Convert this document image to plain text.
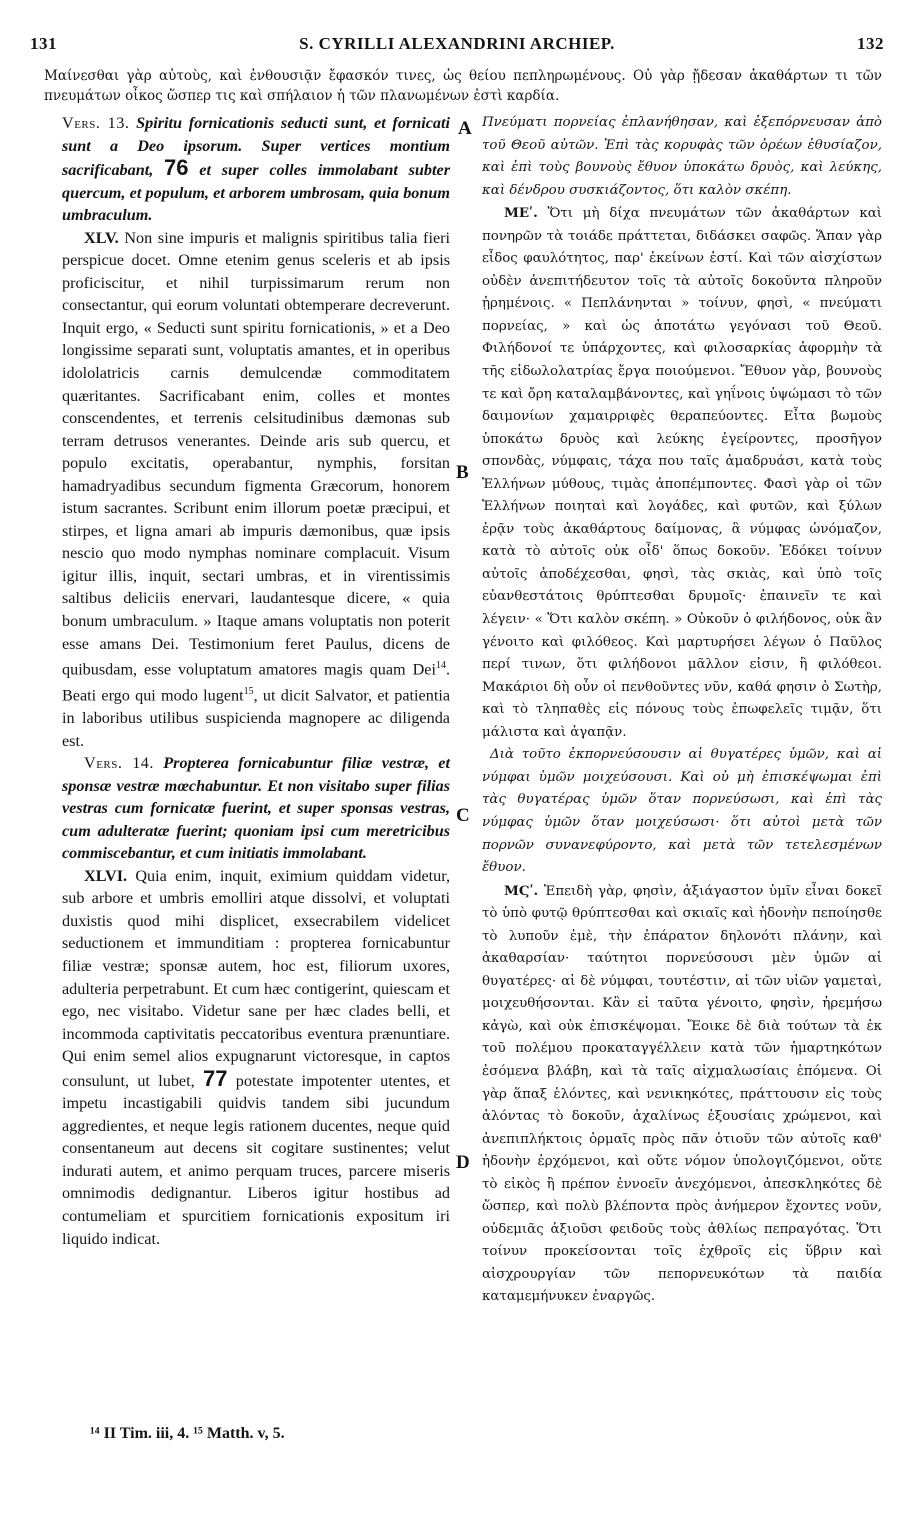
131	S. CYRILLI ALEXANDRINI ARCHIEP.	132
Μαίνεσθαι γὰρ αὐτοὺς, καὶ ἐνθουσιᾷν ἔφασκόν τινες, ὡς θείου πεπληρωμένους. Οὐ γὰρ ᾔδεσαν ἀκαθάρτων τι τῶν πνευμάτων οἶκος ὥσπερ τις καὶ σπήλαιον ἡ τῶν πλανωμένων ἐστὶ καρδία.

Vers. 13. Spiritu fornicationis seducti sunt, et fornicati sunt a Deo ipsorum. Super vertices montium sacrificabant, 76 et super colles immolabant subter quercum, et populum, et arborem umbrosam, quia bonum umbraculum.

XLV. Non sine impuris et malignis spiritibus talia fieri perspicue docet. Omne etenim genus sceleris et ab ipsis proficiscitur, et nihil turpissimarum rerum non consectantur, qui eorum voluntati obtemperare decreverunt. Inquit ergo, « Seducti sunt spiritu fornicationis, » et a Deo longissime separati sunt, voluptatis amantes, et in operibus idololatricis carnis demulcendæ commoditatem quæritantes. Sacrificabant enim, colles et montes conscendentes, et terrenis celsitudinibus dæmonas sub terram detrusos venerantes. Deinde aris sub quercu, et populo excitatis, operabantur, nymphis, forsitan hamadryadibus secundum figmenta Græcorum, honorem istum sacrantes. Scribunt enim illorum poetæ præcipui, et stirpes, et ligna amari ab impuris dæmonibus, quæ ipsis nescio quo modo nymphas nominare complacuit. Visum igitur illis, inquit, sectari umbras, et in virentissimis saltibus deliciis enervari, laudantesque dicere, « quia bonum umbraculum. » Itaque amans voluptatis non poterit esse amans Dei. Testimonium feret Paulus, dicens de quibusdam, esse voluptatum amatores magis quam Dei$^{14}$. Beati ergo qui modo lugent$^{15}$, ut dicit Salvator, et patientia in laboribus utilibus suspicienda magnopere ac diligenda est.

Vers. 14. Propterea fornicabuntur filiæ vestræ, et sponsæ vestræ mœchabuntur. Et non visitabo super filias vestras cum fornicatæ fuerint, et super sponsas vestras, cum adulteratæ fuerint; quoniam ipsi cum meretricibus commiscebantur, et cum initiatis immolabant.

XLVI. Quia enim, inquit, eximium quiddam videtur, sub arbore et umbris emolliri atque dissolvi, et voluptati duxistis quod mihi displicet, exsecrabilem videlicet seductionem et immunditiam : propterea fornicabuntur filiæ vestræ; sponsæ autem, hoc est, filiorum uxores, adulteria perpetrabunt. Et cum hæc contigerint, quiescam et ego, nec visitabo. Videtur sane per hæc clades belli, et incommoda captivitatis peccatoribus eventura prænuntiare. Qui enim semel alios expugnarunt victoresque, in captos consulunt, ut lubet, 77 potestate impotenter utentes, et impetu incastigabili quidvis tandem sibi jucundum aggredientes, et neque legis rationem ducentes, neque quid consentaneum aut decens sit cogitare sustinentes; velut indurati autem, et animo perquam truces, parcere miseris omnimodis dedignantur. Liberos igitur hostibus ad contumeliam et spurcitiem fornicationis expositum iri liquido indicat.

Πνεύματι πορνείας ἐπλανήθησαν, καὶ ἐξεπόρνευσαν ἀπὸ τοῦ Θεοῦ αὐτῶν. Ἐπὶ τὰς κορυφὰς τῶν ὀρέων ἐθυσίαζον, καὶ ἐπὶ τοὺς βουνοὺς ἔθυον ὑποκάτω δρυὸς, καὶ λεύκης, καὶ δένδρου συσκιάζοντος, ὅτι καλὸν σκέπη.

ΜΕʹ. Ὅτι μὴ δίχα πνευμάτων τῶν ἀκαθάρτων καὶ πονηρῶν τὰ τοιάδε πράττεται, διδάσκει σαφῶς. Ἅπαν γὰρ εἶδος φαυλότητος, παρ' ἐκείνων ἐστί. Καὶ τῶν αἰσχίστων οὐδὲν ἀνεπιτήδευτον τοῖς τὰ αὐτοῖς δοκοῦντα πληροῦν ᾑρημένοις. « Πεπλάνηνται » τοίνυν, φησὶ, « πνεύματι πορνείας, » καὶ ὡς ἀποτάτω γεγόνασι τοῦ Θεοῦ. Φιλήδονοί τε ὑπάρχοντες, καὶ φιλοσαρκίας ἀφορμὴν τὰ τῆς εἰδωλολατρίας ἔργα ποιούμενοι. Ἔθυον γὰρ, βουνοὺς τε καὶ ὄρη καταλαμβάνοντες, καὶ γηΐνοις ὑψώμασι τὸ τῶν δαιμονίων χαμαιρριφὲς θεραπεύοντες. Εἶτα βωμοὺς ὑποκάτω δρυὸς καὶ λεύκης ἐγείροντες, προσῆγον σπονδὰς, νύμφαις, τάχα που ταῖς ἁμαδρυάσι, κατὰ τοὺς Ἑλλήνων μύθους, τιμὰς ἀποπέμποντες. Φασὶ γὰρ οἱ τῶν Ἑλλήνων ποιηταὶ καὶ λογάδες, καὶ φυτῶν, καὶ ξύλων ἐρᾷν τοὺς ἀκαθάρτους δαίμονας, ἃ νύμφας ὠνόμαζον, κατὰ τὸ αὐτοῖς οὐκ οἶδ' ὅπως δοκοῦν. Ἐδόκει τοίνυν αὐτοῖς ἀποδέχεσθαι, φησὶ, τὰς σκιὰς, καὶ ὑπὸ τοῖς εὐανθεστάτοις θρύπτεσθαι δρυμοῖς· ἐπαινεῖν τε καὶ λέγειν· « Ὅτι καλὸν σκέπη. » Οὐκοῦν ὁ φιλήδονος, οὐκ ἂν γένοιτο καὶ φιλόθεος. Καὶ μαρτυρήσει λέγων ὁ Παῦλος περί τινων, ὅτι φιλήδονοι μᾶλλον εἰσιν, ἢ φιλόθεοι. Μακάριοι δὴ οὖν οἱ πενθοῦντες νῦν, καθά φησιν ὁ Σωτὴρ, καὶ τὸ τληπαθὲς εἰς πόνους τοὺς ἐπωφελεῖς τιμᾷν, ὅτι μάλιστα καὶ ἀγαπᾷν.

Διὰ τοῦτο ἐκπορνεύσουσιν αἱ θυγατέρες ὑμῶν, καὶ αἱ νύμφαι ὑμῶν μοιχεύσουσι. Καὶ οὐ μὴ ἐπισκέψωμαι ἐπὶ τὰς θυγατέρας ὑμῶν ὅταν πορνεύσωσι, καὶ ἐπὶ τὰς νύμφας ὑμῶν ὅταν μοιχεύσωσι· ὅτι αὐτοὶ μετὰ τῶν πορνῶν συνανεφύροντο, καὶ μετὰ τῶν τετελεσμένων ἔθυον.

ΜϚʹ. Ἐπειδὴ γὰρ, φησὶν, ἀξιάγαστον ὑμῖν εἶναι δοκεῖ τὸ ὑπὸ φυτῷ θρύπτεσθαι καὶ σκιαῖς καὶ ἡδονὴν πεποίησθε τὸ λυποῦν ἐμὲ, τὴν ἐπάρατον δηλονότι πλάνην, καὶ ἀκαθαρσίαν· ταύτητοι πορνεύσουσι μὲν ὑμῶν αἱ θυγατέρες· αἱ δὲ νύμφαι, τουτέστιν, αἱ τῶν υἱῶν γαμεταὶ, μοιχευθήσονται. Κἂν εἰ ταῦτα γένοιτο, φησὶν, ἠρεμήσω κἀγὼ, καὶ οὐκ ἐπισκέψομαι. Ἔοικε δὲ διὰ τούτων τὰ ἐκ τοῦ πολέμου προκαταγγέλλειν κατὰ τῶν ἡμαρτηκότων ἐσόμενα βλάβη, καὶ τὰ ταῖς αἰχμαλωσίαις ἑπόμενα. Οἱ γὰρ ἅπαξ ἑλόντες, καὶ νενικηκότες, πράττουσιν εἰς τοὺς ἁλόντας τὸ δοκοῦν, ἀχαλίνως ἐξουσίαις χρώμενοι, καὶ ἀνεπιπλήκτοις ὁρμαῖς πρὸς πᾶν ὁτιοῦν τῶν αὐτοῖς καθ' ἡδονὴν ἐρχόμενοι, καὶ οὔτε νόμον ὑπολογιζόμενοι, οὔτε τὸ εἰκὸς ἢ πρέπον ἐννοεῖν ἀνεχόμενοι, ἀπεσκληκότες δὲ ὥσπερ, καὶ πολὺ βλέποντα πρὸς ἀνήμερον ἔχοντες νοῦν, οὐδεμιᾶς ἀξιοῦσι φειδοῦς τοὺς ἀθλίως πεπραγότας. Ὅτι τοίνυν προκείσονται τοῖς ἐχθροῖς εἰς ὕβριν καὶ αἰσχρουργίαν τῶν πεπορνευκότων τὰ παιδία καταμεμήνυκεν ἐναργῶς.

A
B
C
D
¹⁴ II Tim. iii, 4. ¹⁵ Matth. v, 5.
